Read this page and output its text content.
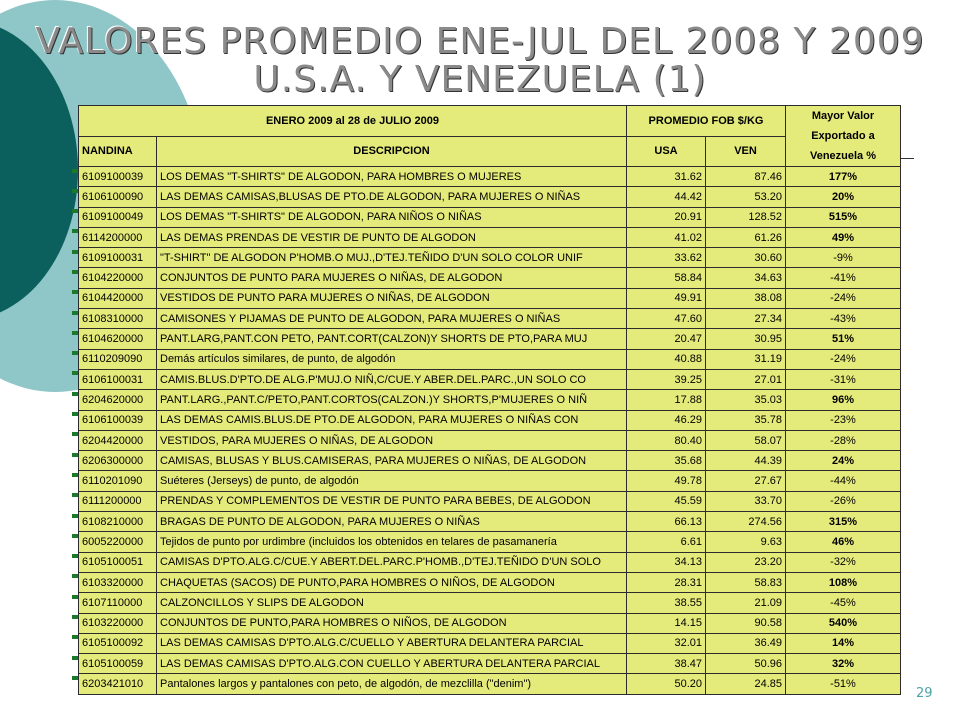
VALORES PROMEDIO ENE-JUL DEL 2008 Y 2009
U.S.A. Y VENEZUELA (1)
ENERO 2009 al 28 de JULIO 2009		PROMEDIO FOB $/KG		Mayor Valor Exportado a Venezuela %
NANDINA	DESCRIPCION	USA	VEN	
6109100039	LOS DEMAS "T-SHIRTS" DE ALGODON, PARA HOMBRES O MUJERES	31.62	87.46	177%
6106100090	LAS DEMAS CAMISAS,BLUSAS DE PTO.DE ALGODON, PARA MUJERES O NIÑAS	44.42	53.20	20%
6109100049	LOS DEMAS "T-SHIRTS" DE ALGODON, PARA NIÑOS O NIÑAS	20.91	128.52	515%
6114200000	LAS DEMAS PRENDAS DE VESTIR DE PUNTO DE ALGODON	41.02	61.26	49%
6109100031	"T-SHIRT" DE ALGODON P'HOMB.O MUJ.,D'TEJ.TEÑIDO D'UN SOLO COLOR UNIF	33.62	30.60	-9%
6104220000	CONJUNTOS DE PUNTO PARA MUJERES O NIÑAS, DE ALGODON	58.84	34.63	-41%
6104420000	VESTIDOS DE PUNTO PARA MUJERES O NIÑAS, DE ALGODON	49.91	38.08	-24%
6108310000	CAMISONES Y PIJAMAS DE PUNTO DE ALGODON, PARA MUJERES O NIÑAS	47.60	27.34	-43%
6104620000	PANT.LARG,PANT.CON PETO, PANT.CORT(CALZON)Y SHORTS DE PTO,PARA MUJ	20.47	30.95	51%
6110209090	Demás artículos similares, de punto, de algodón	40.88	31.19	-24%
6106100031	CAMIS.BLUS.D'PTO.DE ALG.P'MUJ.O NIÑ,C/CUE.Y ABER.DEL.PARC.,UN SOLO CO	39.25	27.01	-31%
6204620000	PANT.LARG.,PANT.C/PETO,PANT.CORTOS(CALZON.)Y SHORTS,P'MUJERES O NIÑ	17.88	35.03	96%
6106100039	LAS DEMAS CAMIS.BLUS.DE PTO.DE ALGODON, PARA MUJERES O NIÑAS CON	46.29	35.78	-23%
6204420000	VESTIDOS, PARA MUJERES O NIÑAS, DE ALGODON	80.40	58.07	-28%
6206300000	CAMISAS, BLUSAS Y BLUS.CAMISERAS, PARA MUJERES O NIÑAS, DE ALGODON	35.68	44.39	24%
6110201090	Suéteres (Jerseys) de punto, de algodón	49.78	27.67	-44%
6111200000	PRENDAS Y COMPLEMENTOS DE VESTIR DE PUNTO PARA BEBES, DE ALGODON	45.59	33.70	-26%
6108210000	BRAGAS DE PUNTO DE ALGODON, PARA MUJERES O NIÑAS	66.13	274.56	315%
6005220000	Tejidos de punto por urdimbre (incluidos los obtenidos en telares de pasamanería	6.61	9.63	46%
6105100051	CAMISAS D'PTO.ALG.C/CUE.Y ABERT.DEL.PARC.P'HOMB.,D'TEJ.TEÑIDO D'UN SOLO	34.13	23.20	-32%
6103320000	CHAQUETAS (SACOS) DE PUNTO,PARA HOMBRES O NIÑOS, DE ALGODON	28.31	58.83	108%
6107110000	CALZONCILLOS Y SLIPS DE ALGODON	38.55	21.09	-45%
6103220000	CONJUNTOS DE PUNTO,PARA HOMBRES O NIÑOS, DE ALGODON	14.15	90.58	540%
6105100092	LAS DEMAS CAMISAS D'PTO.ALG.C/CUELLO Y ABERTURA DELANTERA PARCIAL	32.01	36.49	14%
6105100059	LAS DEMAS CAMISAS D'PTO.ALG.CON CUELLO Y ABERTURA DELANTERA PARCIAL	38.47	50.96	32%
6203421010	Pantalones largos y pantalones con peto, de algodón, de mezclilla ("denim")	50.20	24.85	-51%
29
